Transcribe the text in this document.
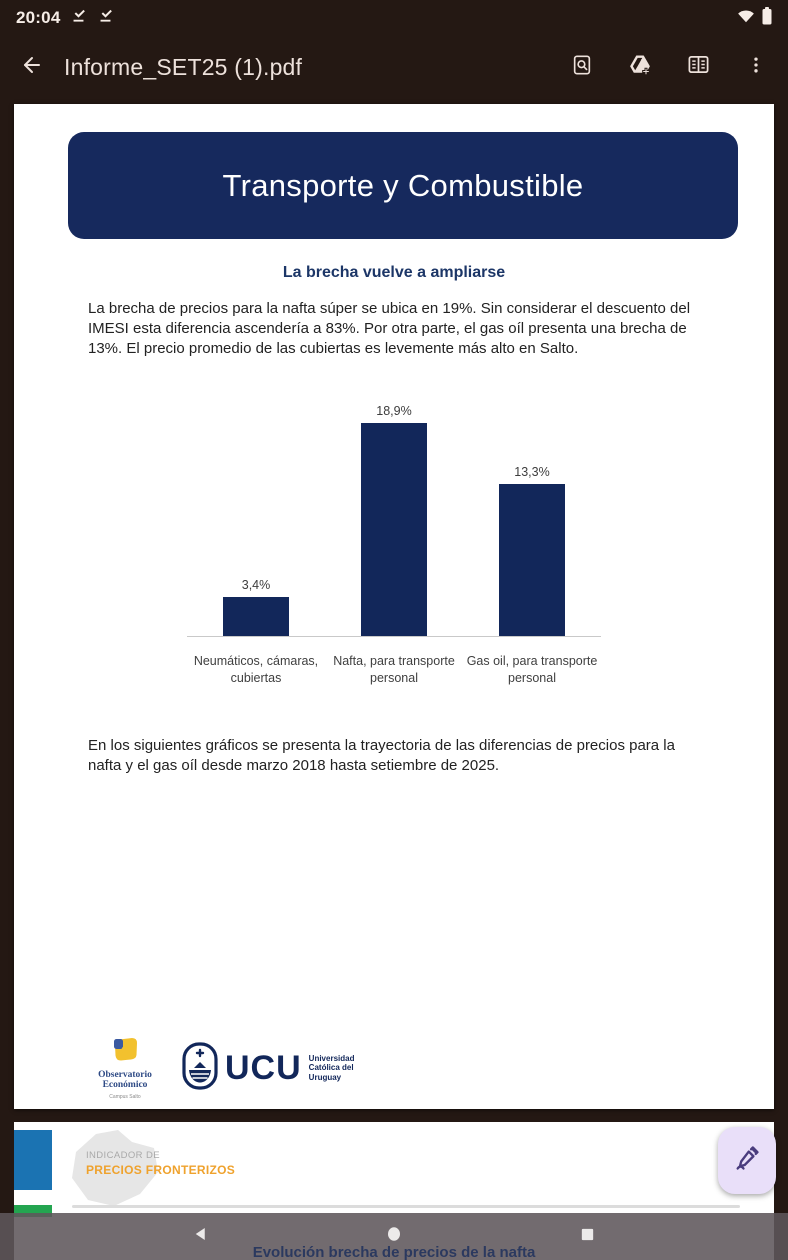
20:04
Informe_SET25 (1).pdf
Transporte y Combustible
La brecha vuelve a ampliarse
La brecha de precios para la nafta súper se ubica en 19%. Sin considerar el descuento del IMESI esta diferencia ascendería a 83%. Por otra parte, el gas oíl presenta una brecha de 13%. El precio promedio de las cubiertas es levemente más alto en Salto.
3,4%
18,9%
13,3%
Neumáticos, cámaras, cubiertas
Nafta, para transporte personal
Gas oil, para transporte personal
En los siguientes gráficos se presenta la trayectoria de las diferencias de precios para la nafta y el gas oíl desde marzo 2018 hasta setiembre de 2025.
Observatorio
Económico
Campus Salto
UCU Universidad
Católica del
Uruguay
INDICADOR DE
PRECIOS FRONTERIZOS
Evolución brecha de precios de la nafta
